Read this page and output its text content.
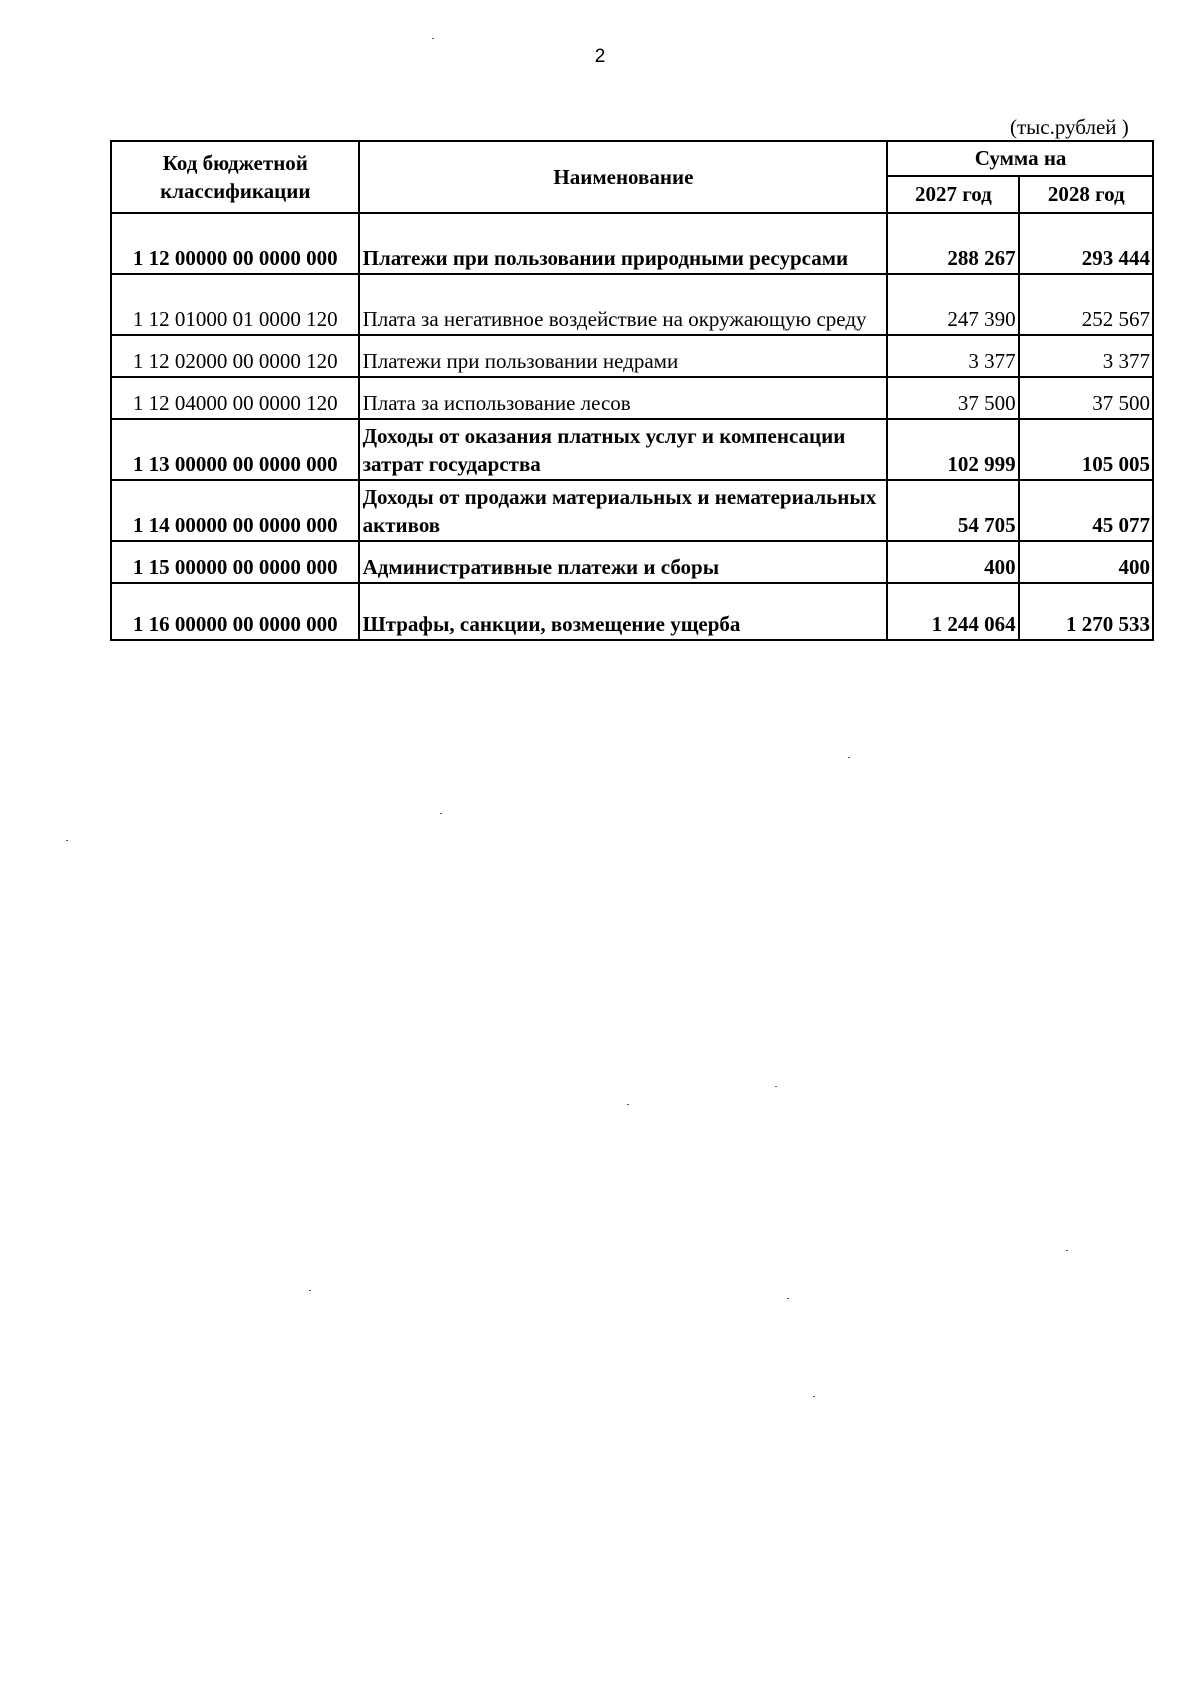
2
(тыс.рублей )
Код бюджетной классификации	Наименование	Сумма на	
		2027 год	2028 год
1 12 00000 00 0000 000	Платежи при пользовании природными ресурсами	288 267	293 444
1 12 01000 01 0000 120	Плата за негативное воздействие на окружающую среду	247 390	252 567
1 12 02000 00 0000 120	Платежи при пользовании недрами	3 377	3 377
1 12 04000 00 0000 120	Плата за использование лесов	37 500	37 500
1 13 00000 00 0000 000	Доходы от оказания платных услуг и компенсации затрат государства	102 999	105 005
1 14 00000 00 0000 000	Доходы от продажи материальных и нематериальных активов	54 705	45 077
1 15 00000 00 0000 000	Административные платежи и сборы	400	400
1 16 00000 00 0000 000	Штрафы, санкции, возмещение ущерба	1 244 064	1 270 533
